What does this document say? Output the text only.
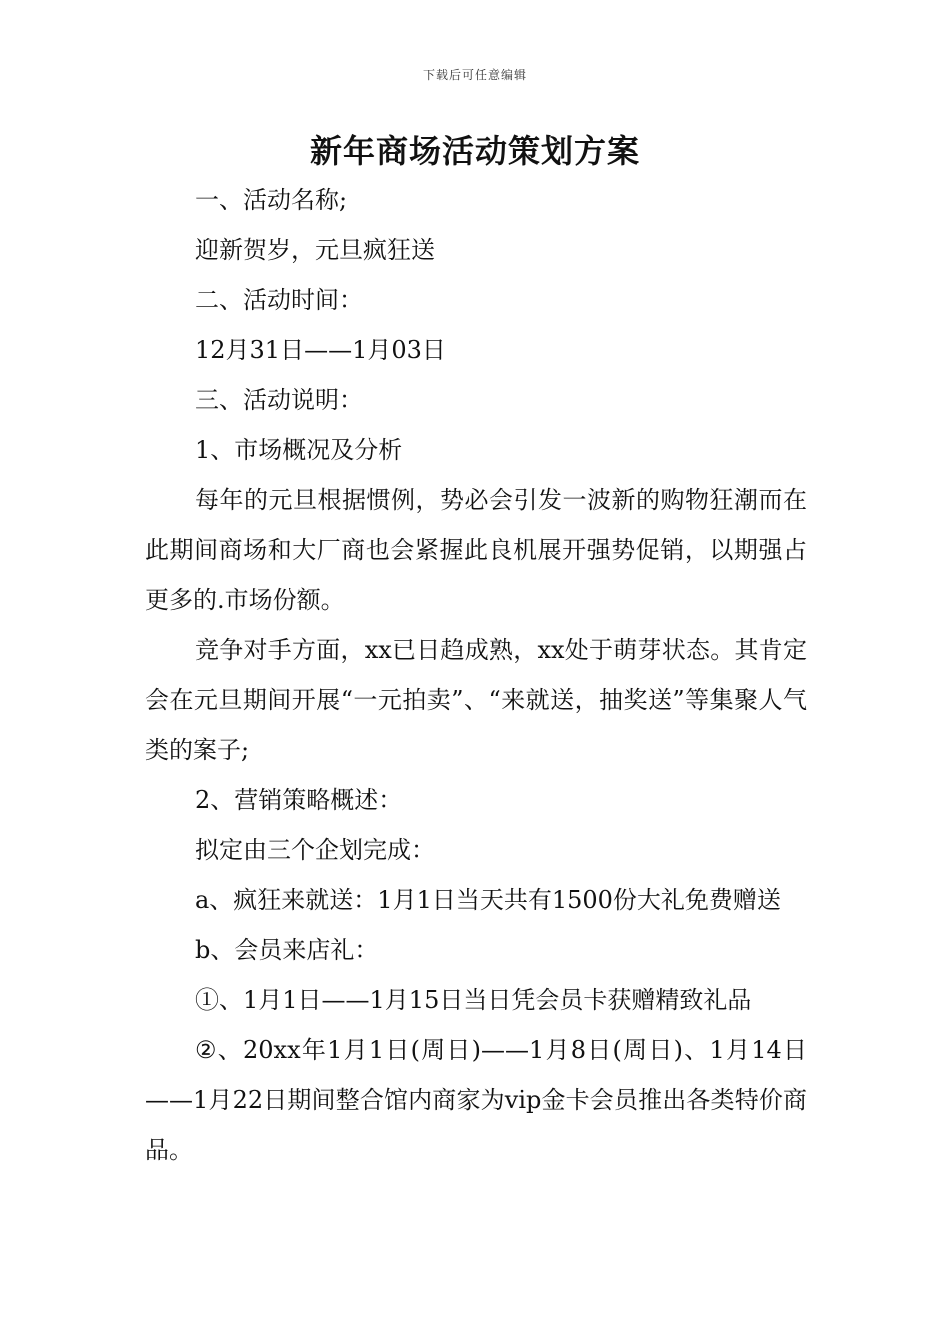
下载后可任意编辑
新年商场活动策划方案

一、活动名称;

迎新贺岁，元旦疯狂送

二、活动时间：

12月31日——1月03日

三、活动说明：

1、市场概况及分析

每年的元旦根据惯例，势必会引发一波新的购物狂潮而在此期间商场和大厂商也会紧握此良机展开强势促销，以期强占更多的.市场份额。

竞争对手方面，xx已日趋成熟，xx处于萌芽状态。其肯定会在元旦期间开展“一元拍卖”、“来就送，抽奖送”等集聚人气类的案子;

2、营销策略概述：

拟定由三个企划完成：

a、疯狂来就送：1月1日当天共有1500份大礼免费赠送

b、会员来店礼：

①、1月1日——1月15日当日凭会员卡获赠精致礼品

②、20xx年1月1日(周日)——1月8日(周日)、1月14日——1月22日期间整合馆内商家为vip金卡会员推出各类特价商品。
